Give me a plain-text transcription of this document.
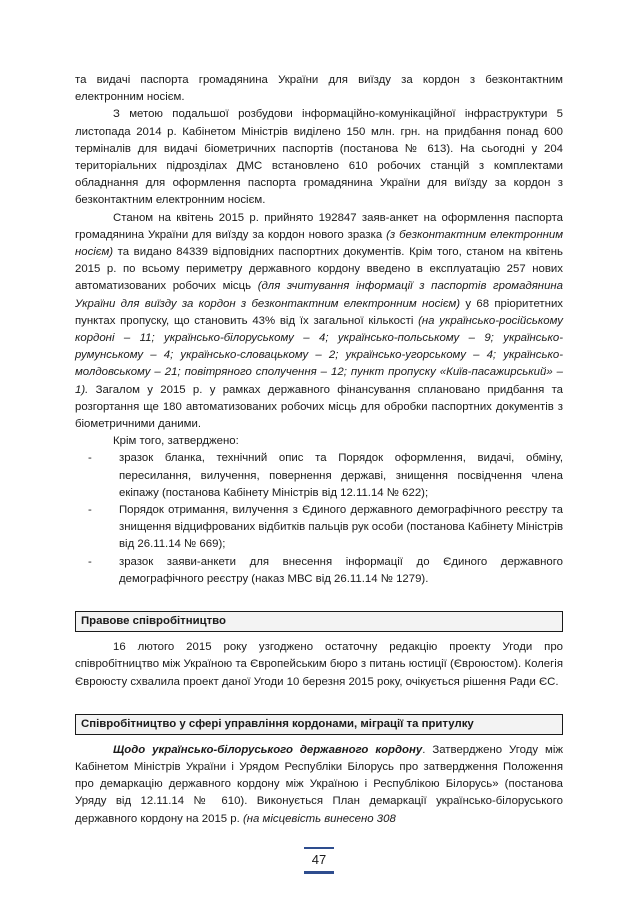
та видачі паспорта громадянина України для виїзду за кордон з безконтактним електронним носієм.

З метою подальшої розбудови інформаційно-комунікаційної інфраструктури 5 листопада 2014 р. Кабінетом Міністрів виділено 150 млн. грн. на придбання понад 600 терміналів для видачі біометричних паспортів (постанова № 613). На сьогодні у 204 територіальних підрозділах ДМС встановлено 610 робочих станцій з комплектами обладнання для оформлення паспорта громадянина України для виїзду за кордон з безконтактним електронним носієм.

Станом на квітень 2015 р. прийнято 192847 заяв-анкет на оформлення паспорта громадянина України для виїзду за кордон нового зразка (з безконтактним електронним носієм) та видано 84339 відповідних паспортних документів. Крім того, станом на квітень 2015 р. по всьому периметру державного кордону введено в експлуатацію 257 нових автоматизованих робочих місць (для зчитування інформації з паспортів громадянина України для виїзду за кордон з безконтактним електронним носієм) у 68 пріоритетних пунктах пропуску, що становить 43% від їх загальної кількості (на українсько-російському кордоні – 11; українсько-білоруському – 4; українсько-польському – 9; українсько-румунському – 4; українсько-словацькому – 2; українсько-угорському – 4; українсько-молдовському – 21; повітряного сполучення – 12; пункт пропуску «Київ-пасажирський» – 1). Загалом у 2015 р. у рамках державного фінансування сплановано придбання та розгортання ще 180 автоматизованих робочих місць для обробки паспортних документів з біометричними даними.

Крім того, затверджено:

- зразок бланка, технічний опис та Порядок оформлення, видачі, обміну, пересилання, вилучення, повернення державі, знищення посвідчення члена екіпажу (постанова Кабінету Міністрів від 12.11.14 № 622);
- Порядок отримання, вилучення з Єдиного державного демографічного реєстру та знищення відцифрованих відбитків пальців рук особи (постанова Кабінету Міністрів від 26.11.14 № 669);
- зразок заяви-анкети для внесення інформації до Єдиного державного демографічного реєстру (наказ МВС від 26.11.14 № 1279).
Правове співробітництво

16 лютого 2015 року узгоджено остаточну редакцію проекту Угоди про співробітництво між Україною та Європейським бюро з питань юстиції (Євроюстом). Колегія Євроюсту схвалила проект даної Угоди 10 березня 2015 року, очікується рішення Ради ЄС.

Співробітництво у сфері управління кордонами, міграції та притулку

Щодо українсько-білоруського державного кордону. Затверджено Угоду між Кабінетом Міністрів України і Урядом Республіки Білорусь про затвердження Положення про демаркацію державного кордону між Україною і Республікою Білорусь» (постанова Уряду від 12.11.14 № 610). Виконується План демаркації українсько-білоруського державного кордону на 2015 р. (на місцевість винесено 308

47
